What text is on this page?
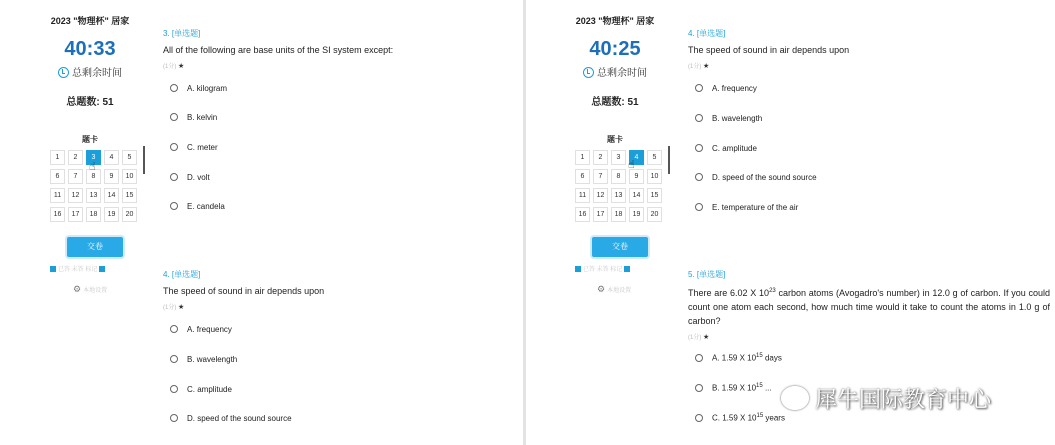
2023 "物理杯" 居家
40:33
总剩余时间
总题数: 51
题卡
1	2	3	4	5
6	7	8	9	10
11	12	13	14	15
16	17	18	19	20
☝
交卷
已答 未答 标记
⚙ 本地设置
3. [单选题]
All of the following are base units of the SI system except:
(1分) ★
A. kilogram
B. kelvin
C. meter
D. volt
E. candela
4. [单选题]
The speed of sound in air depends upon
(1分) ★
A. frequency
B. wavelength
C. amplitude
D. speed of the sound source
2023 "物理杯" 居家
40:25
总剩余时间
总题数: 51
题卡
1	2	3	4	5
6	7	8	9	10
11	12	13	14	15
16	17	18	19	20
☝
交卷
已答 未答 标记
⚙ 本地设置
4. [单选题]
The speed of sound in air depends upon
(1分) ★
A. frequency
B. wavelength
C. amplitude
D. speed of the sound source
E. temperature of the air
5. [单选题]
There are 6.02 X $10^{23}$ carbon atoms (Avogadro's number) in 12.0 g of carbon. If you could count one atom each second, how much time would it take to count the atoms in 1.0 g of carbon?
(1分) ★
A. 1.59 X $10^{15}$ days
B. 1.59 X $10^{15}$ ...
C. 1.59 X $10^{15}$ years
犀牛国际教育中心
